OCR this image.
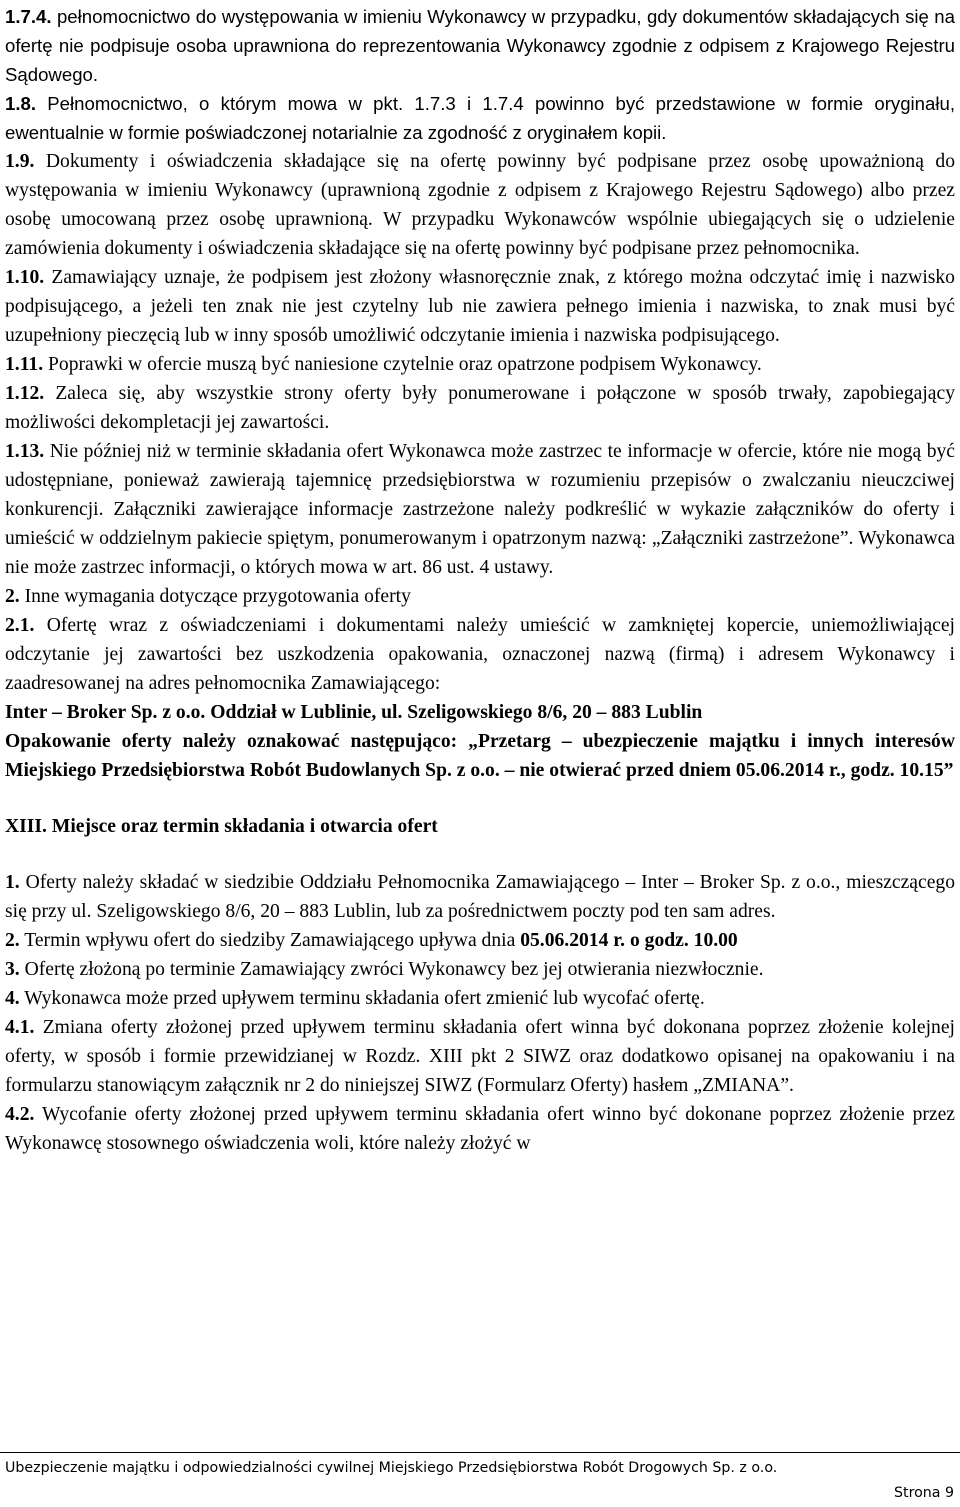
1.7.4. pełnomocnictwo do występowania w imieniu Wykonawcy w przypadku, gdy dokumentów składających się na ofertę nie podpisuje osoba uprawniona do reprezentowania Wykonawcy zgodnie z odpisem z Krajowego Rejestru Sądowego.

1.8. Pełnomocnictwo, o którym mowa w pkt. 1.7.3 i 1.7.4 powinno być przedstawione w formie oryginału, ewentualnie w formie poświadczonej notarialnie za zgodność z oryginałem kopii.

1.9. Dokumenty i oświadczenia składające się na ofertę powinny być podpisane przez osobę upoważnioną do występowania w imieniu Wykonawcy (uprawnioną zgodnie z odpisem z Krajowego Rejestru Sądowego) albo przez osobę umocowaną przez osobę uprawnioną. W przypadku Wykonawców wspólnie ubiegających się o udzielenie zamówienia dokumenty i oświadczenia składające się na ofertę powinny być podpisane przez pełnomocnika.

1.10. Zamawiający uznaje, że podpisem jest złożony własnoręcznie znak, z którego można odczytać imię i nazwisko podpisującego, a jeżeli ten znak nie jest czytelny lub nie zawiera pełnego imienia i nazwiska, to znak musi być uzupełniony pieczęcią lub w inny sposób umożliwić odczytanie imienia i nazwiska podpisującego.

1.11. Poprawki w ofercie muszą być naniesione czytelnie oraz opatrzone podpisem Wykonawcy.

1.12. Zaleca się, aby wszystkie strony oferty były ponumerowane i połączone w sposób trwały, zapobiegający możliwości dekompletacji jej zawartości.

1.13. Nie później niż w terminie składania ofert Wykonawca może zastrzec te informacje w ofercie, które nie mogą być udostępniane, ponieważ zawierają tajemnicę przedsiębiorstwa w rozumieniu przepisów o zwalczaniu nieuczciwej konkurencji. Załączniki zawierające informacje zastrzeżone należy podkreślić w wykazie załączników do oferty i umieścić w oddzielnym pakiecie spiętym, ponumerowanym i opatrzonym nazwą: „Załączniki zastrzeżone”. Wykonawca nie może zastrzec informacji, o których mowa w art. 86 ust. 4 ustawy.

2. Inne wymagania dotyczące przygotowania oferty

2.1. Ofertę wraz z oświadczeniami i dokumentami należy umieścić w zamkniętej kopercie, uniemożliwiającej odczytanie jej zawartości bez uszkodzenia opakowania, oznaczonej nazwą (firmą) i adresem Wykonawcy i zaadresowanej na adres pełnomocnika Zamawiającego:

Inter – Broker Sp. z o.o. Oddział w Lublinie, ul. Szeligowskiego 8/6, 20 – 883 Lublin

Opakowanie oferty należy oznakować następująco: „Przetarg – ubezpieczenie majątku i innych interesów Miejskiego Przedsiębiorstwa Robót Budowlanych Sp. z o.o. – nie otwierać przed dniem 05.06.2014 r., godz. 10.15”

XIII. Miejsce oraz termin składania i otwarcia ofert

1. Oferty należy składać w siedzibie Oddziału Pełnomocnika Zamawiającego – Inter – Broker Sp. z o.o., mieszczącego się przy ul. Szeligowskiego 8/6, 20 – 883 Lublin, lub za pośrednictwem poczty pod ten sam adres.

2. Termin wpływu ofert do siedziby Zamawiającego upływa dnia 05.06.2014 r. o godz. 10.00

3. Ofertę złożoną po terminie Zamawiający zwróci Wykonawcy bez jej otwierania niezwłocznie.

4. Wykonawca może przed upływem terminu składania ofert zmienić lub wycofać ofertę.

4.1. Zmiana oferty złożonej przed upływem terminu składania ofert winna być dokonana poprzez złożenie kolejnej oferty, w sposób i formie przewidzianej w Rozdz. XIII pkt 2 SIWZ oraz dodatkowo opisanej na opakowaniu i na formularzu stanowiącym załącznik nr 2 do niniejszej SIWZ (Formularz Oferty) hasłem „ZMIANA”.

4.2. Wycofanie oferty złożonej przed upływem terminu składania ofert winno być dokonane poprzez złożenie przez Wykonawcę stosownego oświadczenia woli, które należy złożyć w

Ubezpieczenie majątku i odpowiedzialności cywilnej Miejskiego Przedsiębiorstwa Robót Drogowych Sp. z o.o.
Strona 9
